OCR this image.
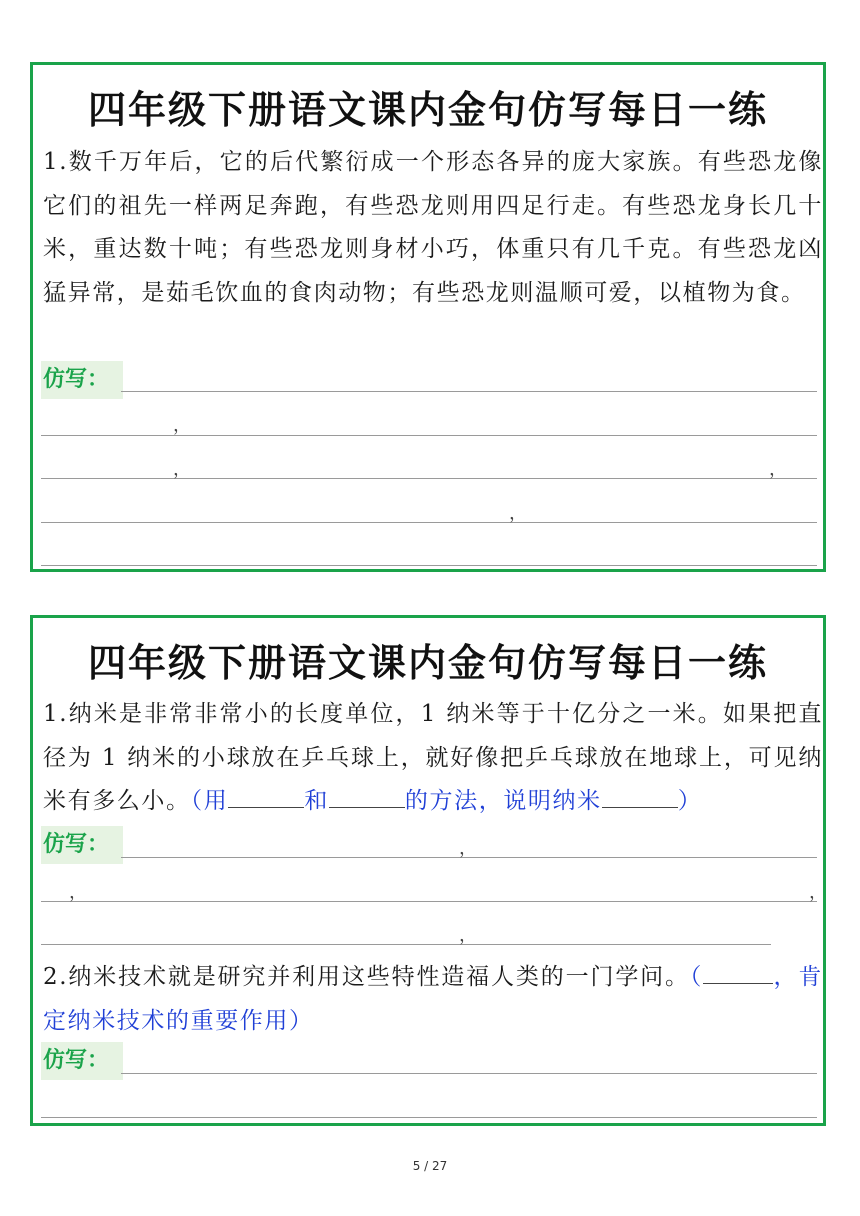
四年级下册语文课内金句仿写每日一练
1.数千万年后，它的后代繁衍成一个形态各异的庞大家族。有些恐龙像它们的祖先一样两足奔跑，有些恐龙则用四足行走。有些恐龙身长几十米，重达数十吨；有些恐龙则身材小巧，体重只有几千克。有些恐龙凶猛异常，是茹毛饮血的食肉动物；有些恐龙则温顺可爱，以植物为食。
仿写：
，
，	，
，
四年级下册语文课内金句仿写每日一练
1.纳米是非常非常小的长度单位，1 纳米等于十亿分之一米。如果把直径为 1 纳米的小球放在乒乓球上，就好像把乒乓球放在地球上，可见纳米有多么小。（用	和	的方法，说明纳米	）
仿写：	，
，	，
，
2.纳米技术就是研究并利用这些特性造福人类的一门学问。（	，肯定纳米技术的重要作用）
仿写：
5 / 27
